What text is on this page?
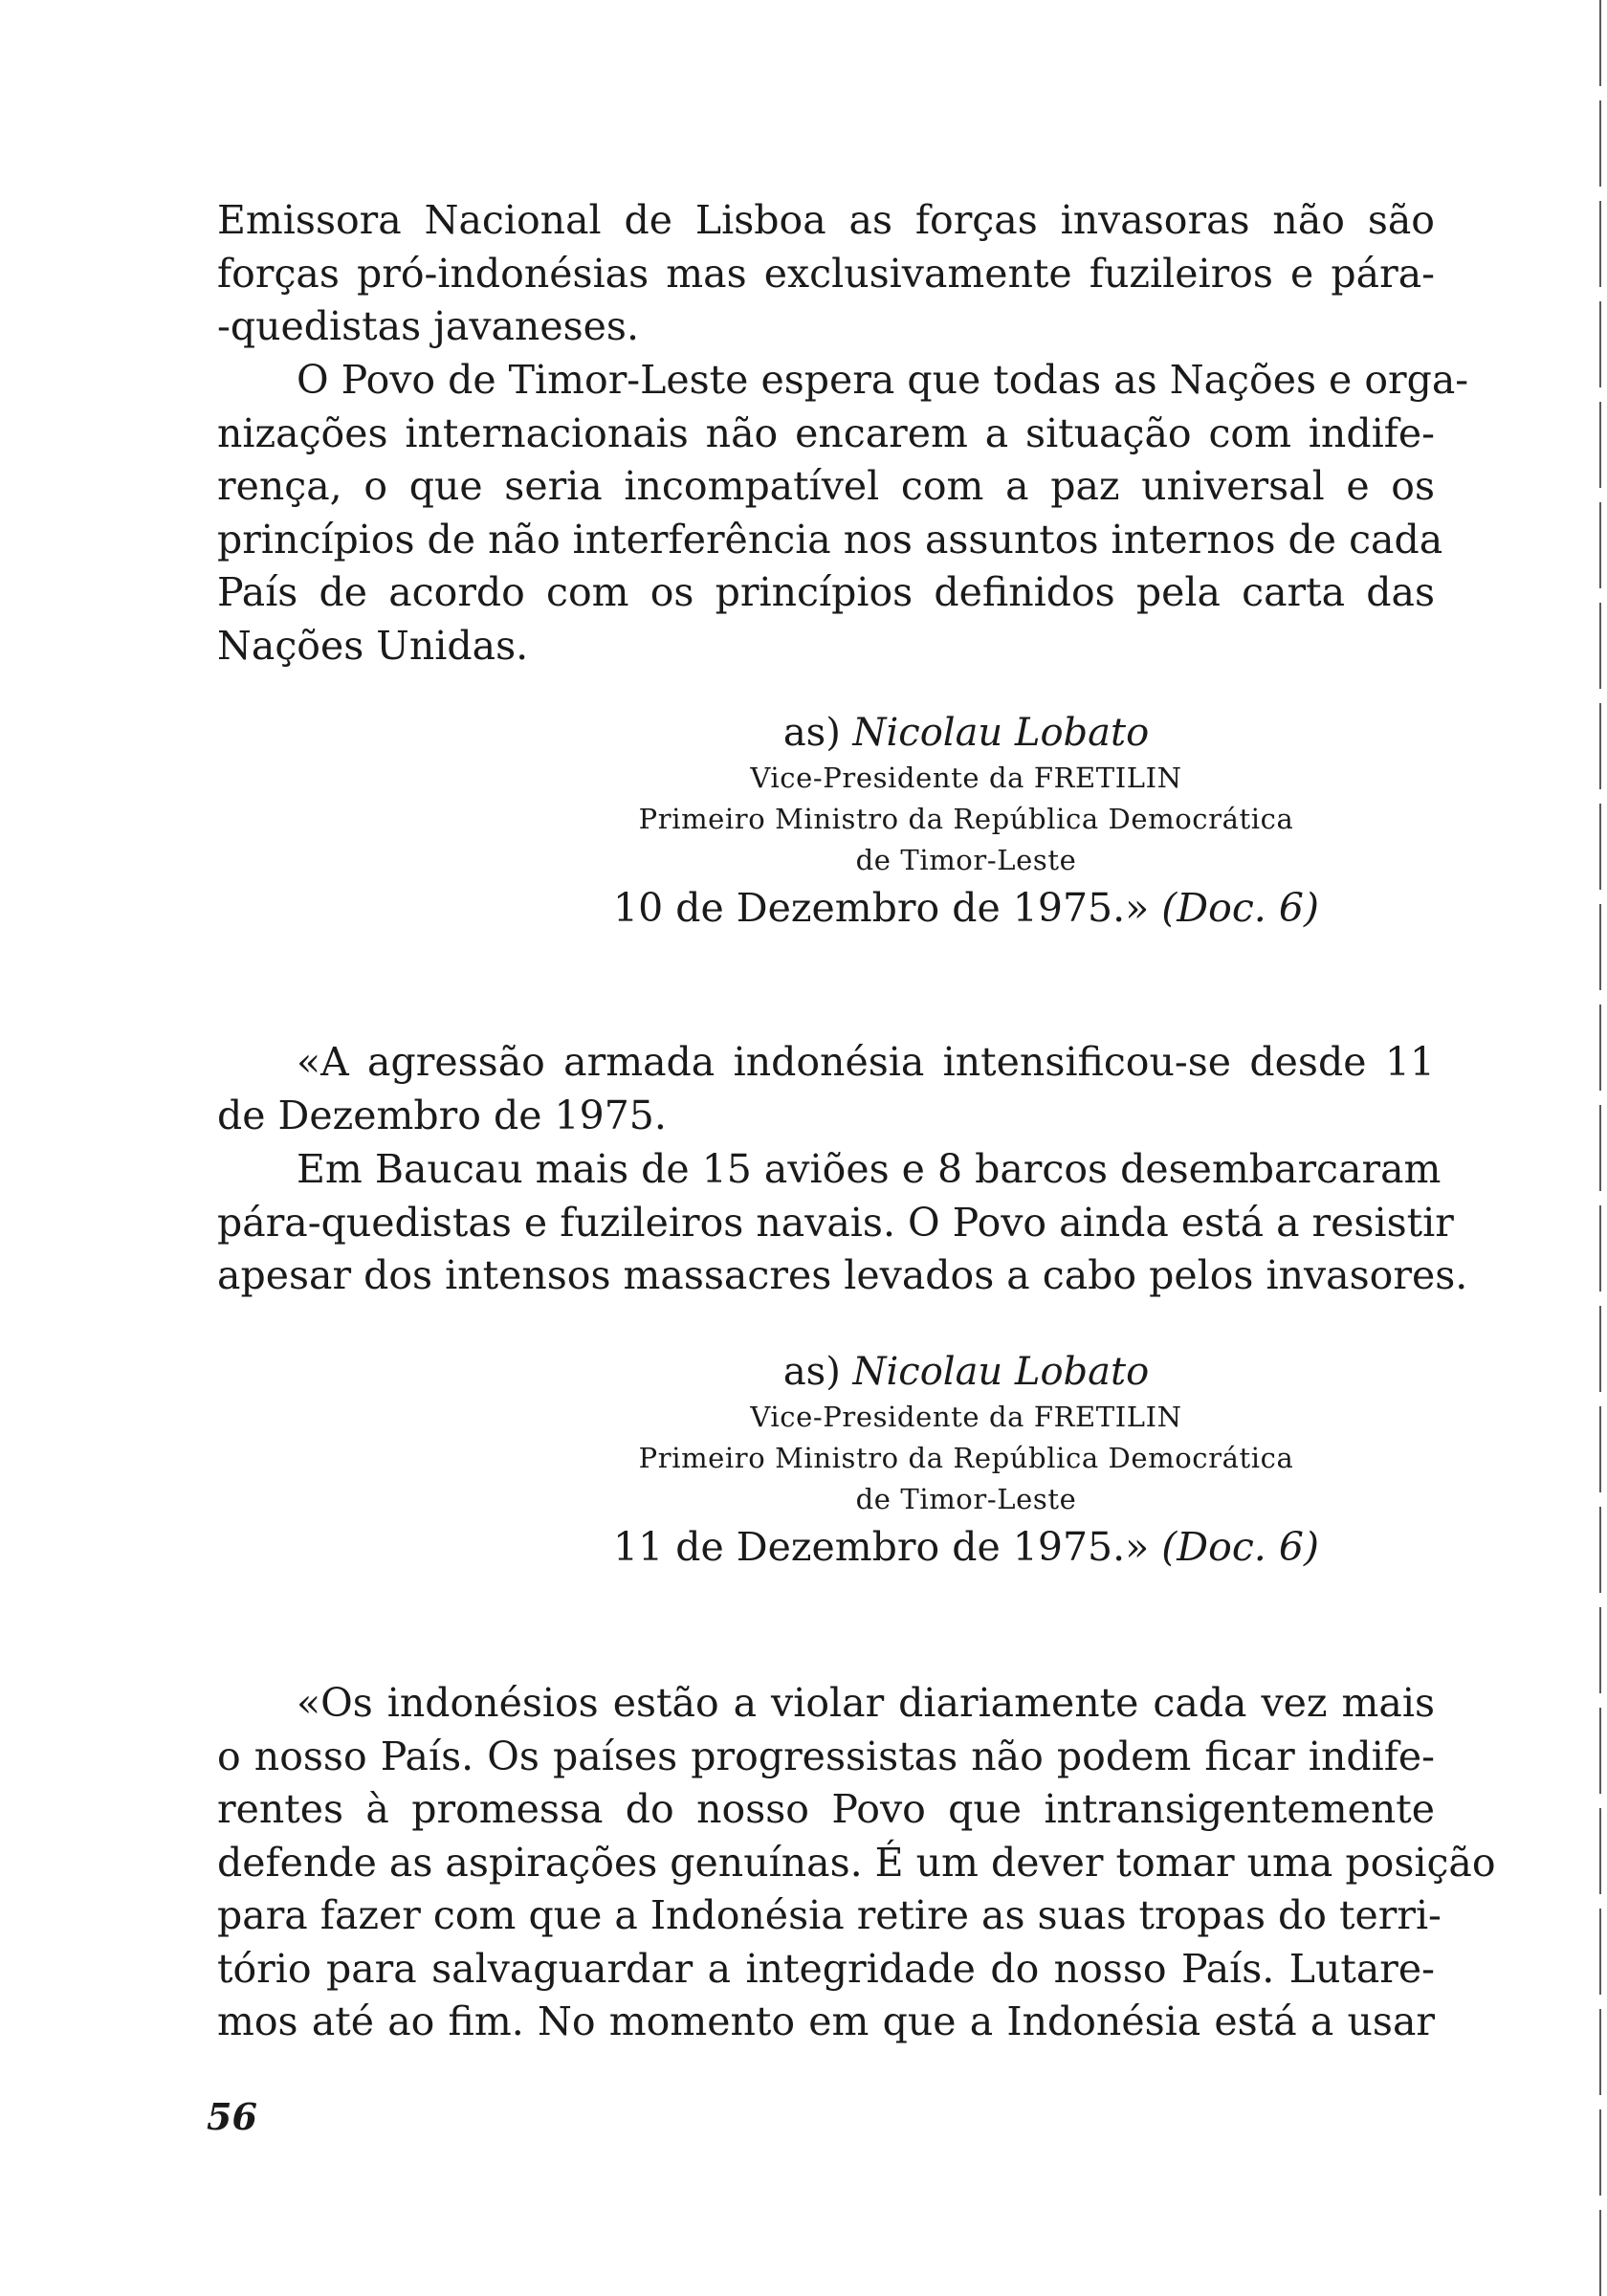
Emissora Nacional de Lisboa as forças invasoras não são
forças pró-indonésias mas exclusivamente fuzileiros e pára-
-quedistas javaneses.
O Povo de Timor-Leste espera que todas as Nações e orga-
nizações internacionais não encarem a situação com indife-
rença, o que seria incompatível com a paz universal e os
princípios de não interferência nos assuntos internos de cada
País de acordo com os princípios definidos pela carta das
Nações Unidas.
as) Nicolau Lobato
Vice-Presidente da FRETILIN
Primeiro Ministro da República Democrática
de Timor-Leste
10 de Dezembro de 1975.» (Doc. 6)
«A agressão armada indonésia intensificou-se desde 11
de Dezembro de 1975.
Em Baucau mais de 15 aviões e 8 barcos desembarcaram
pára-quedistas e fuzileiros navais. O Povo ainda está a resistir
apesar dos intensos massacres levados a cabo pelos invasores.
as) Nicolau Lobato
Vice-Presidente da FRETILIN
Primeiro Ministro da República Democrática
de Timor-Leste
11 de Dezembro de 1975.» (Doc. 6)
«Os indonésios estão a violar diariamente cada vez mais
o nosso País. Os países progressistas não podem ficar indife-
rentes à promessa do nosso Povo que intransigentemente
defende as aspirações genuínas. É um dever tomar uma posição
para fazer com que a Indonésia retire as suas tropas do terri-
tório para salvaguardar a integridade do nosso País. Lutare-
mos até ao fim. No momento em que a Indonésia está a usar
56
